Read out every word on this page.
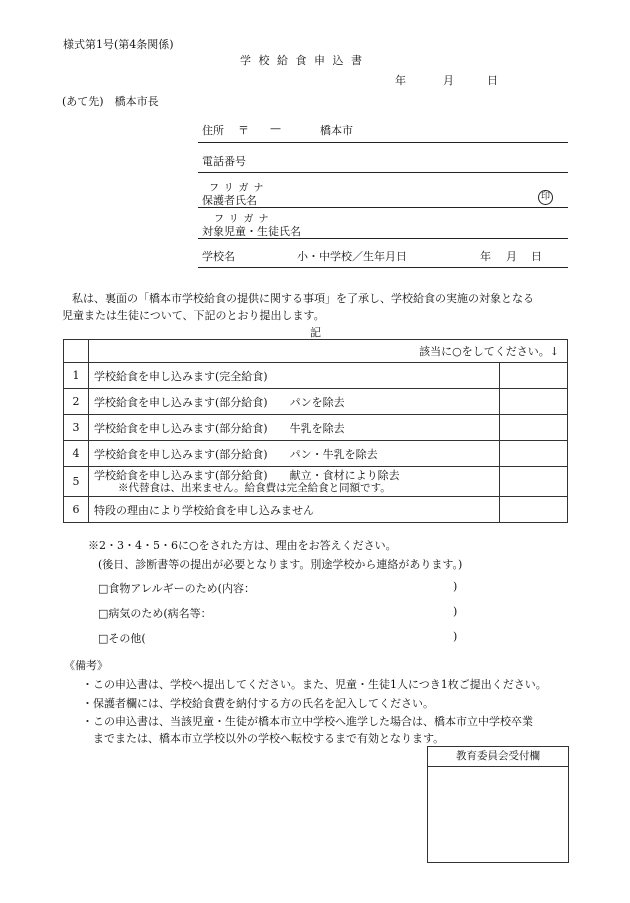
様式第1号(第4条関係)
学 校 給 食 申 込 書
年	月	日
(あて先)　橋本市長
住所 〒 —	橋本市
電話番号
フリガナ
保護者氏名	印
フリガナ
対象児童・生徒氏名
学校名	小・中学校／生年月日	年 月 日
私は、裏面の「橋本市学校給食の提供に関する事項」を了承し、学校給食の実施の対象となる
児童または生徒について、下記のとおり提出します。
記
	該当に○をしてください。↓	
1	学校給食を申し込みます(完全給食)	
2	学校給食を申し込みます(部分給食) パンを除去	
3	学校給食を申し込みます(部分給食) 牛乳を除去	
4	学校給食を申し込みます(部分給食) パン・牛乳を除去	
5	学校給食を申し込みます(部分給食) 献立・食材により除去
※代替食は、出来ません。給食費は完全給食と同額です。	
6	特段の理由により学校給食を申し込みません	
※2・3・4・5・6に○をされた方は、理由をお答えください。
(後日、診断書等の提出が必要となります。別途学校から連絡があります。)
□食物アレルギーのため(内容：	)
□病気のため(病名等：	)
□その他(	)
《備考》
・この申込書は、学校へ提出してください。また、児童・生徒1人につき1枚ご提出ください。
・保護者欄には、学校給食費を納付する方の氏名を記入してください。
・この申込書は、当該児童・生徒が橋本市立中学校へ進学した場合は、橋本市立中学校卒業
　までまたは、橋本市立学校以外の学校へ転校するまで有効となります。
教育委員会受付欄
